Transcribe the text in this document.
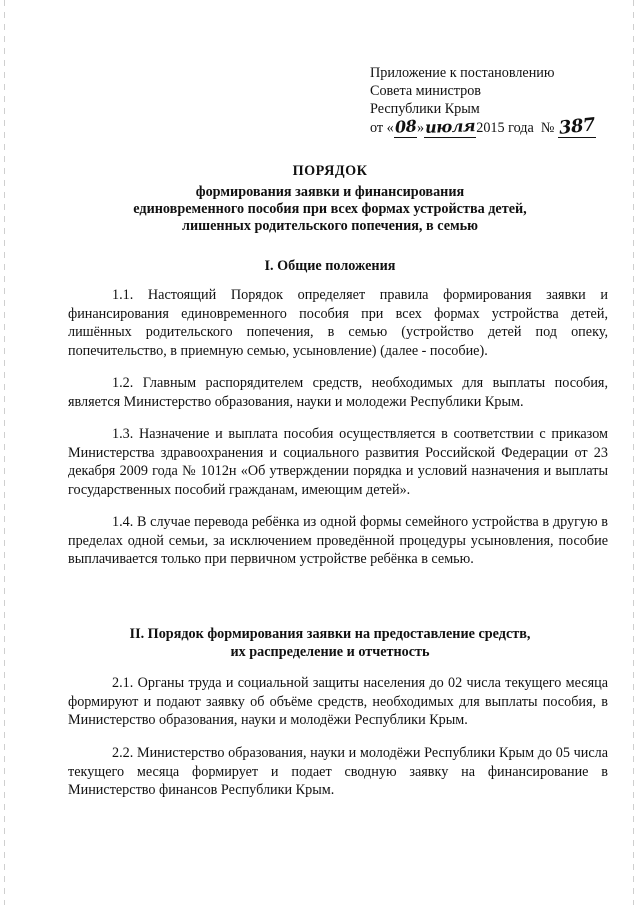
Приложение к постановлению
Совета министров
Республики Крым
от «08»июля2015 года № 387
ПОРЯДОК
формирования заявки и финансирования
единовременного пособия при всех формах устройства детей,
лишенных родительского попечения, в семью
I. Общие положения
1.1. Настоящий Порядок определяет правила формирования заявки и финансирования единовременного пособия при всех формах устройства детей, лишённых родительского попечения, в семью (устройство детей под опеку, попечительство, в приемную семью, усыновление) (далее - пособие).
1.2. Главным распорядителем средств, необходимых для выплаты пособия, является Министерство образования, науки и молодежи Республики Крым.
1.3. Назначение и выплата пособия осуществляется в соответствии с приказом Министерства здравоохранения и социального развития Российской Федерации от 23 декабря 2009 года № 1012н «Об утверждении порядка и условий назначения и выплаты государственных пособий гражданам, имеющим детей».
1.4. В случае перевода ребёнка из одной формы семейного устройства в другую в пределах одной семьи, за исключением проведённой процедуры усыновления, пособие выплачивается только при первичном устройстве ребёнка в семью.
II. Порядок формирования заявки на предоставление средств,
их распределение и отчетность
2.1. Органы труда и социальной защиты населения до 02 числа текущего месяца формируют и подают заявку об объёме средств, необходимых для выплаты пособия, в Министерство образования, науки и молодёжи Республики Крым.
2.2. Министерство образования, науки и молодёжи Республики Крым до 05 числа текущего месяца формирует и подает сводную заявку на финансирование в Министерство финансов Республики Крым.
